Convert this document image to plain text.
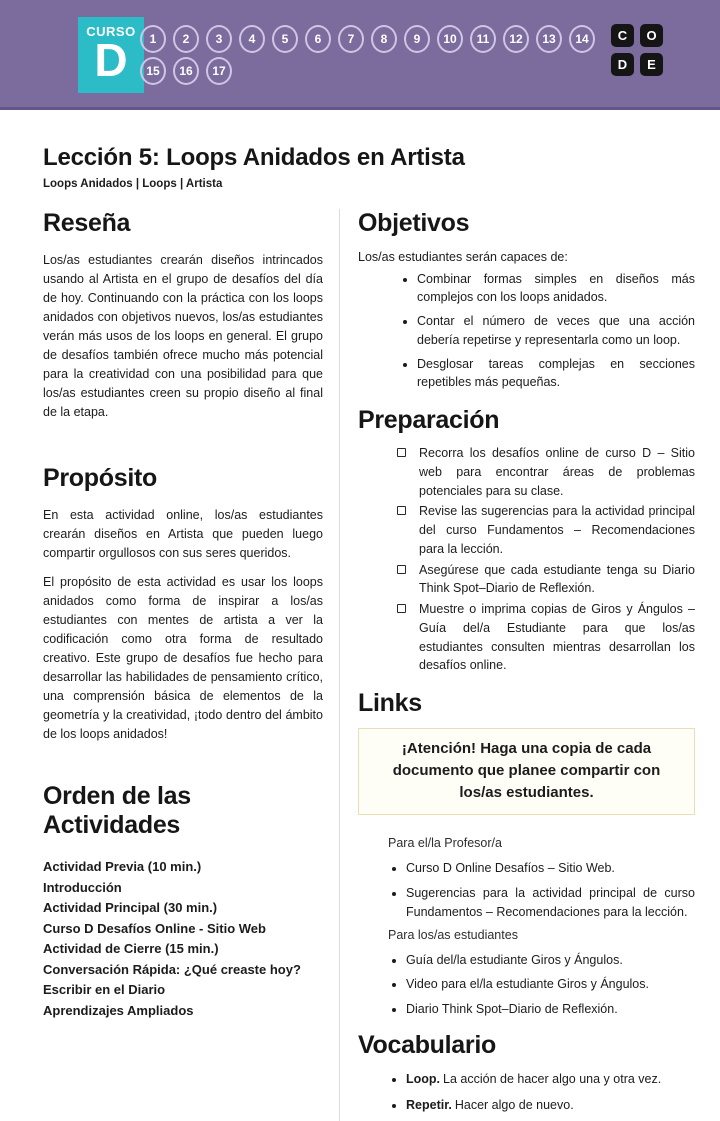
CURSO
D	1	2	3	4	5	6	7	8	9	10	11	12	13	14
15	16	17
C	O
D	E
Lección 5: Loops Anidados en Artista
Loops Anidados | Loops | Artista
Reseña

Los/as estudiantes crearán diseños intrincados usando al Artista en el grupo de desafíos del día de hoy. Continuando con la práctica con los loops anidados con objetivos nuevos, los/as estudiantes verán más usos de los loops en general. El grupo de desafíos también ofrece mucho más potencial para la creatividad con una posibilidad para que los/as estudiantes creen su propio diseño al final de la etapa.

Propósito

En esta actividad online, los/as estudiantes crearán diseños en Artista que pueden luego compartir orgullosos con sus seres queridos.

El propósito de esta actividad es usar los loops anidados como forma de inspirar a los/as estudiantes con mentes de artista a ver la codificación como otra forma de resultado creativo. Este grupo de desafíos fue hecho para desarrollar las habilidades de pensamiento crítico, una comprensión básica de elementos de la geometría y la creatividad, ¡todo dentro del ámbito de los loops anidados!

Orden de las Actividades
Actividad Previa (10 min.)
Introducción
Actividad Principal (30 min.)
Curso D Desafíos Online - Sitio Web
Actividad de Cierre (15 min.)
Conversación Rápida: ¿Qué creaste hoy?
Escribir en el Diario
Aprendizajes Ampliados
Objetivos
Los/as estudiantes serán capaces de:
• Combinar formas simples en diseños más complejos con los loops anidados.
• Contar el número de veces que una acción debería repetirse y representarla como un loop.
• Desglosar tareas complejas en secciones repetibles más pequeñas.
Preparación
Recorra los desafíos online de curso D – Sitio web para encontrar áreas de problemas potenciales para su clase.
Revise las sugerencias para la actividad principal del curso Fundamentos – Recomendaciones para la lección.
Asegúrese que cada estudiante tenga su Diario Think Spot–Diario de Reflexión.
Muestre o imprima copias de Giros y Ángulos – Guía del/a Estudiante para que los/as estudiantes consulten mientras desarrollan los desafíos online.
Links
¡Atención! Haga una copia de cada documento que planee compartir con los/as estudiantes.
Para el/la Profesor/a
• Curso D Online Desafíos – Sitio Web.
• Sugerencias para la actividad principal de curso Fundamentos – Recomendaciones para la lección.
Para los/as estudiantes
• Guía del/la estudiante Giros y Ángulos.
• Video para el/la estudiante Giros y Ángulos.
• Diario Think Spot–Diario de Reflexión.
Vocabulario
• Loop. La acción de hacer algo una y otra vez.
• Repetir. Hacer algo de nuevo.
